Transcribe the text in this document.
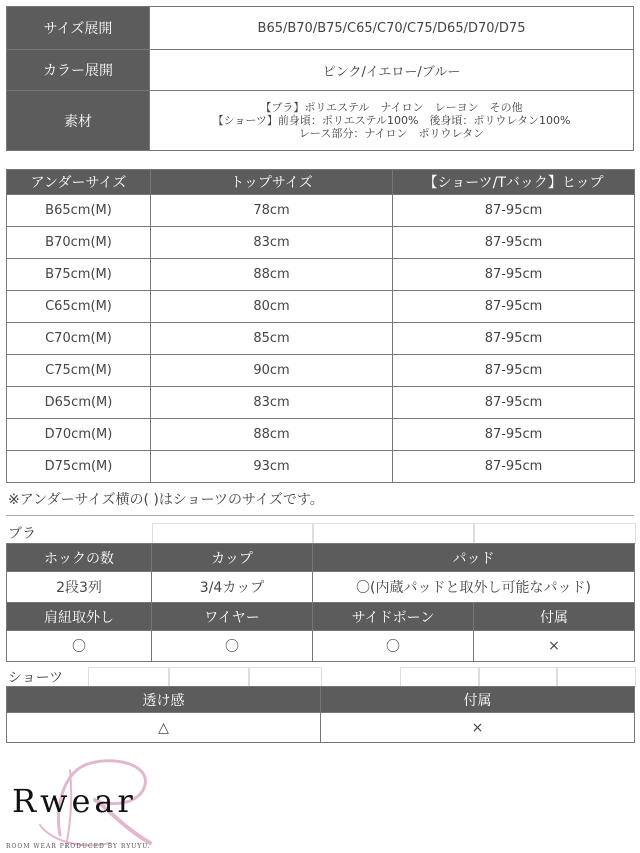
サイズ展開	B65/B70/B75/C65/C70/C75/D65/D70/D75
カラー展開	ピンク/イエロー/ブルー
素材	【ブラ】ポリエステル　ナイロン　レーヨン　その他
【ショーツ】前身頃：ポリエステル100%　後身頃：ポリウレタン100%
レース部分：ナイロン　ポリウレタン
アンダーサイズ	トップサイズ	【ショーツ/Tバック】ヒップ
B65cm(M)	78cm	87-95cm
B70cm(M)	83cm	87-95cm
B75cm(M)	88cm	87-95cm
C65cm(M)	80cm	87-95cm
C70cm(M)	85cm	87-95cm
C75cm(M)	90cm	87-95cm
D65cm(M)	83cm	87-95cm
D70cm(M)	88cm	87-95cm
D75cm(M)	93cm	87-95cm
※アンダーサイズ横の( )はショーツのサイズです。
ブラ
ホックの数	カップ	パッド	
2段3列	3/4カップ	〇(内蔵パッドと取外し可能なパッド)	
肩紐取外し	ワイヤー	サイドボーン	付属
〇	〇	〇	×
ショーツ
透け感	付属
△	×
Rwear
ROOM WEAR PRODUCED BY RYUYU.
